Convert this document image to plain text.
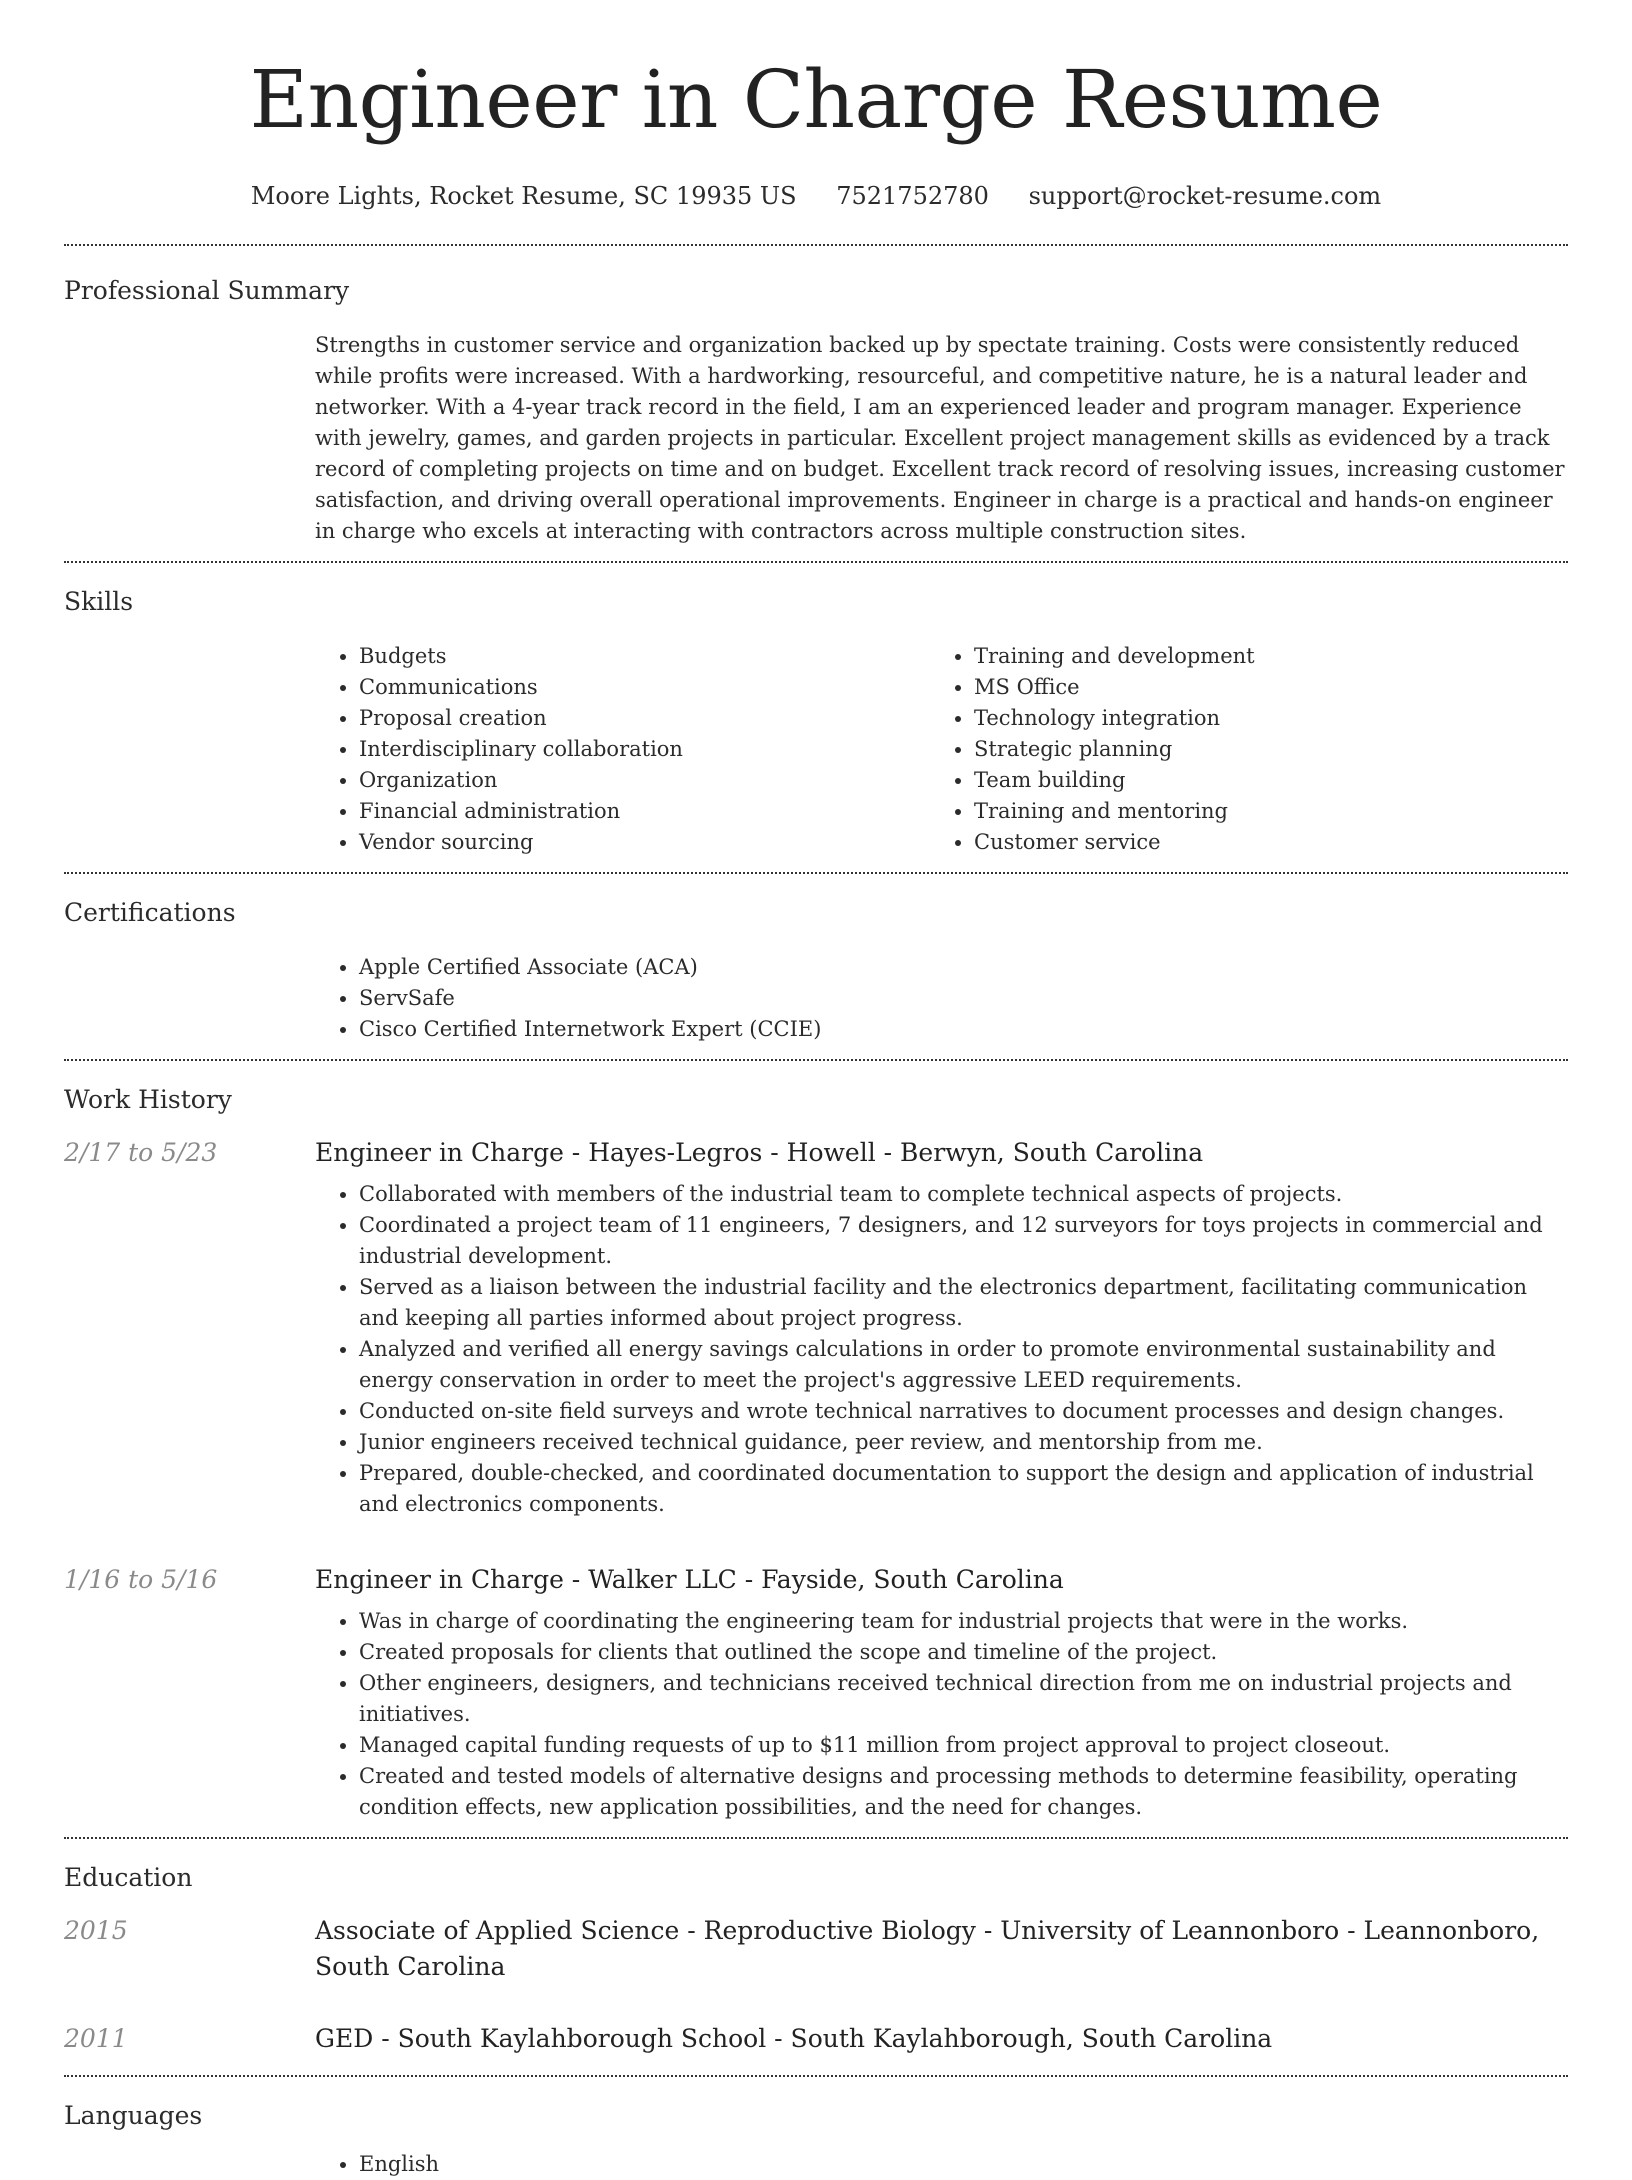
Engineer in Charge Resume
Moore Lights, Rocket Resume, SC 19935 US 7521752780 support@rocket-resume.com
Professional Summary
Strengths in customer service and organization backed up by spectate training. Costs were consistently reduced while profits were increased. With a hardworking, resourceful, and competitive nature, he is a natural leader and networker. With a 4-year track record in the field, I am an experienced leader and program manager. Experience with jewelry, games, and garden projects in particular. Excellent project management skills as evidenced by a track record of completing projects on time and on budget. Excellent track record of resolving issues, increasing customer satisfaction, and driving overall operational improvements. Engineer in charge is a practical and hands-on engineer in charge who excels at interacting with contractors across multiple construction sites.
Skills
• Budgets
• Communications
• Proposal creation
• Interdisciplinary collaboration
• Organization
• Financial administration
• Vendor sourcing
• Training and development
• MS Office
• Technology integration
• Strategic planning
• Team building
• Training and mentoring
• Customer service
Certifications
• Apple Certified Associate (ACA)
• ServSafe
• Cisco Certified Internetwork Expert (CCIE)
Work History
2/17 to 5/23	Engineer in Charge - Hayes-Legros - Howell - Berwyn, South Carolina
• Collaborated with members of the industrial team to complete technical aspects of projects.
• Coordinated a project team of 11 engineers, 7 designers, and 12 surveyors for toys projects in commercial and industrial development.
• Served as a liaison between the industrial facility and the electronics department, facilitating communication and keeping all parties informed about project progress.
• Analyzed and verified all energy savings calculations in order to promote environmental sustainability and energy conservation in order to meet the project's aggressive LEED requirements.
• Conducted on-site field surveys and wrote technical narratives to document processes and design changes.
• Junior engineers received technical guidance, peer review, and mentorship from me.
• Prepared, double-checked, and coordinated documentation to support the design and application of industrial and electronics components.
1/16 to 5/16	Engineer in Charge - Walker LLC - Fayside, South Carolina
• Was in charge of coordinating the engineering team for industrial projects that were in the works.
• Created proposals for clients that outlined the scope and timeline of the project.
• Other engineers, designers, and technicians received technical direction from me on industrial projects and initiatives.
• Managed capital funding requests of up to $11 million from project approval to project closeout.
• Created and tested models of alternative designs and processing methods to determine feasibility, operating condition effects, new application possibilities, and the need for changes.
Education
2015	Associate of Applied Science - Reproductive Biology - University of Leannonboro - Leannonboro, South Carolina
2011	GED - South Kaylahborough School - South Kaylahborough, South Carolina
Languages
• English
